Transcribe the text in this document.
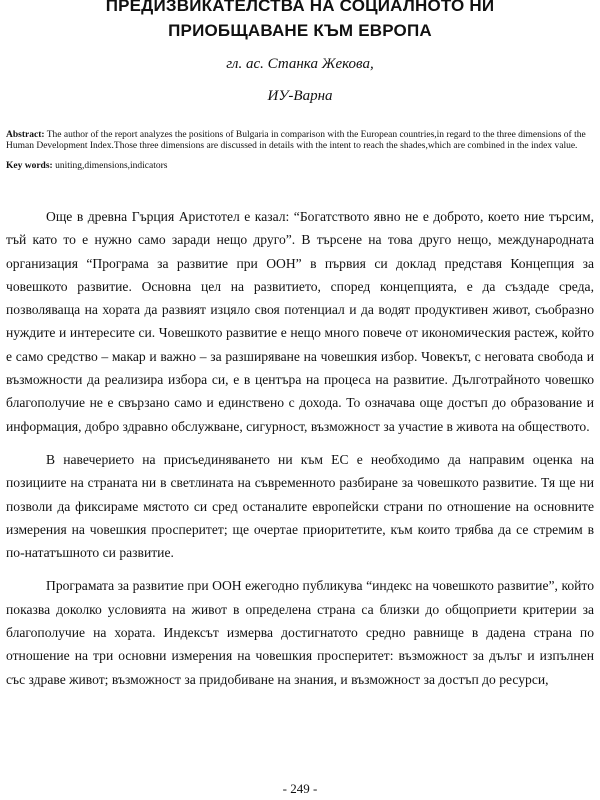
ПРЕДИЗВИКАТЕЛСТВА НА СОЦИАЛНОТО НИ
ПРИОБЩАВАНЕ КЪМ ЕВРОПА
гл. ас. Станка Жекова,
ИУ-Варна

Abstract: The author of the report analyzes the positions of Bulgaria in comparison with the European countries,in regard to the three dimensions of the Human Development Index.Those three dimensions are discussed in details with the intent to reach the shades,which are combined in the index value.

Key words: uniting,dimensions,indicators

Още в древна Гърция Аристотел е казал: “Богатството явно не е доброто, което ние търсим, тъй като то е нужно само заради нещо друго”. В търсене на това друго нещо, международната организация “Програма за развитие при ООН” в първия си доклад представя Концепция за човешкото развитие. Основна цел на развитието, според концепцията, е да създаде среда, позволяваща на хората да развият изцяло своя потенциал и да водят продуктивен живот, съобразно нуждите и интересите си. Човешкото развитие е нещо много повече от икономическия растеж, който е само средство – макар и важно – за разширяване на човешкия избор. Човекът, с неговата свобода и възможности да реализира избора си, е в центъра на процеса на развитие. Дълготрайното човешко благополучие не е свързано само и единствено с дохода. То означава още достъп до образование и информация, добро здравно обслужване, сигурност, възможност за участие в живота на обществото.

В навечерието на присъединяването ни към ЕС е необходимо да направим оценка на позициите на страната ни в светлината на съвременното разбиране за човешкото развитие. Тя ще ни позволи да фиксираме мястото си сред останалите европейски страни по отношение на основните измерения на човешкия просперитет; ще очертае приоритетите, към които трябва да се стремим в по-нататъшното си развитие.

Програмата за развитие при ООН ежегодно публикува “индекс на човешкото развитие”, който показва доколко условията на живот в определена страна са близки до общоприети критерии за благополучие на хората. Индексът измерва достигнатото средно равнище в дадена страна по отношение на три основни измерения на човешкия просперитет: възможност за дълъг и изпълнен със здраве живот; възможност за придобиване на знания, и възможност за достъп до ресурси,

- 249 -
